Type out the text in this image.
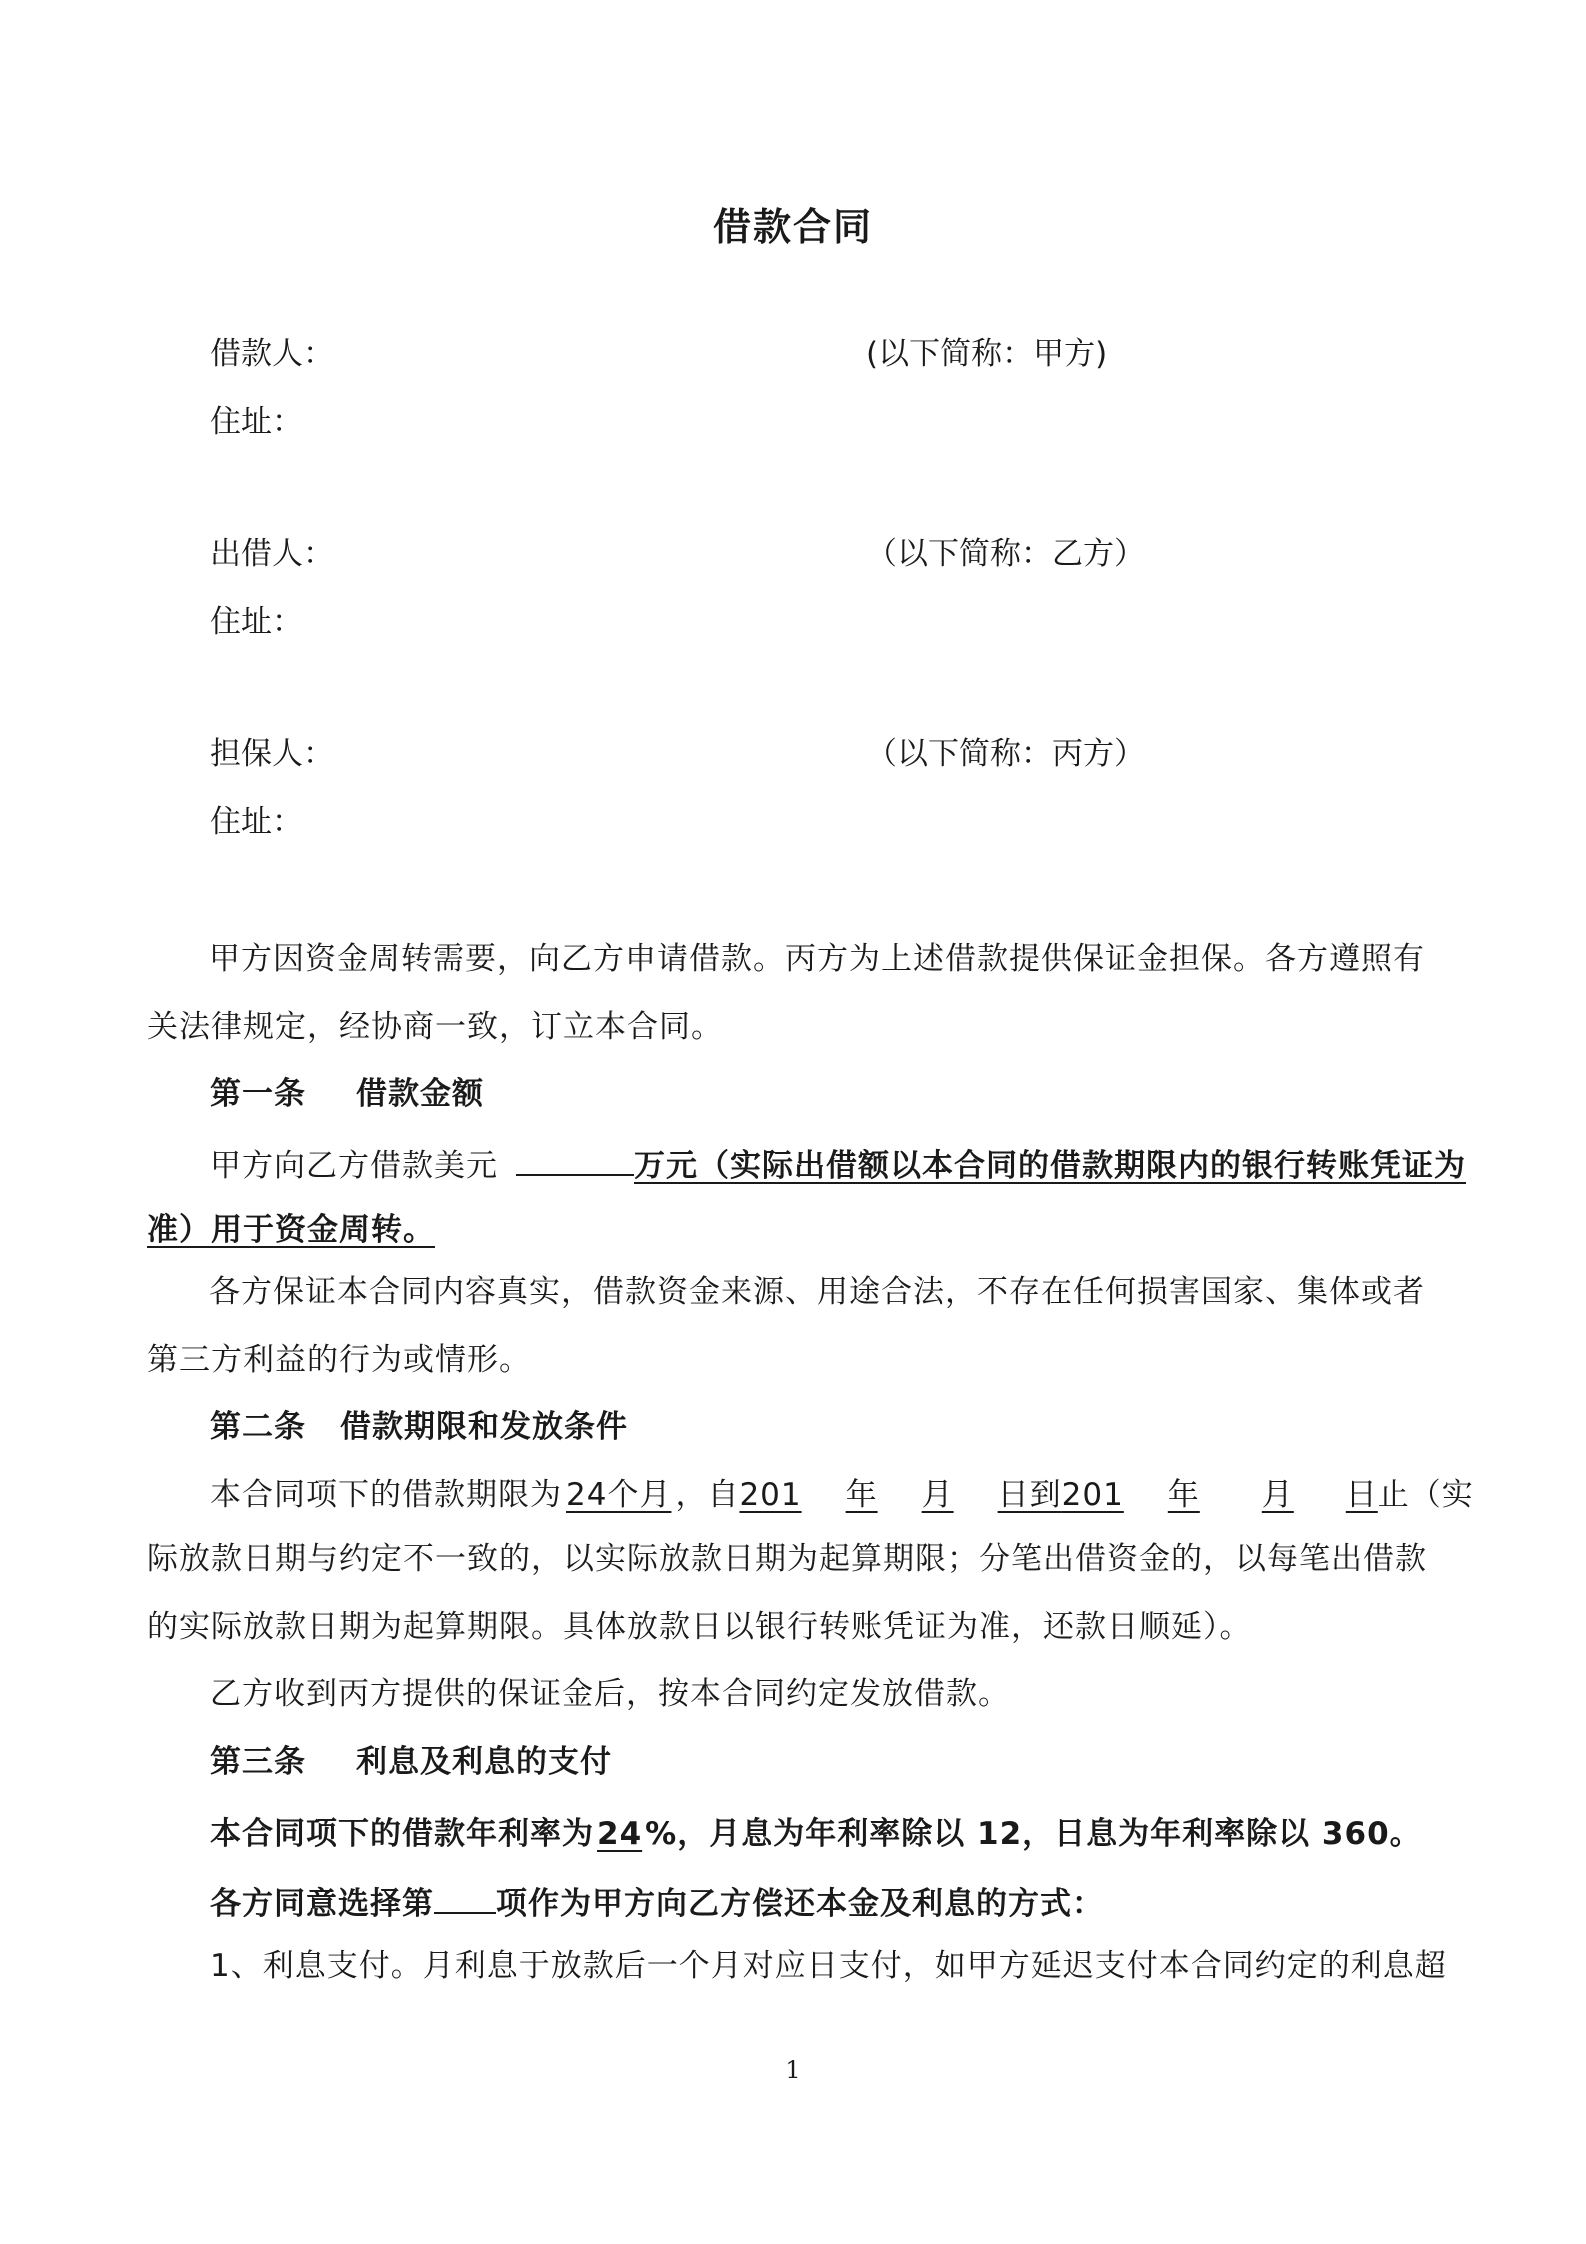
借款合同
借款人：	(以下简称：甲方)
住址：
出借人：	（以下简称：乙方）
住址：
担保人：	（以下简称：丙方）
住址：
甲方因资金周转需要，向乙方申请借款。丙方为上述借款提供保证金担保。各方遵照有关法律规定，经协商一致，订立本合同。
第一条 借款金额
甲方向乙方借款美元	万元（实际出借额以本合同的借款期限内的银行转账凭证为
准）用于资金周转。
各方保证本合同内容真实，借款资金来源、用途合法，不存在任何损害国家、集体或者第三方利益的行为或情形。
第二条 借款期限和发放条件
本合同项下的借款期限为 24个月 ，自201 年 月 日到201 年 月 日止（实
际放款日期与约定不一致的，以实际放款日期为起算期限；分笔出借资金的，以每笔出借款的实际放款日期为起算期限。具体放款日以银行转账凭证为准，还款日顺延）。
乙方收到丙方提供的保证金后，按本合同约定发放借款。
第三条 利息及利息的支付
本合同项下的借款年利率为24%，月息为年利率除以 12，日息为年利率除以 360。
各方同意选择第 项作为甲方向乙方偿还本金及利息的方式：
1、利息支付。月利息于放款后一个月对应日支付，如甲方延迟支付本合同约定的利息超
1
